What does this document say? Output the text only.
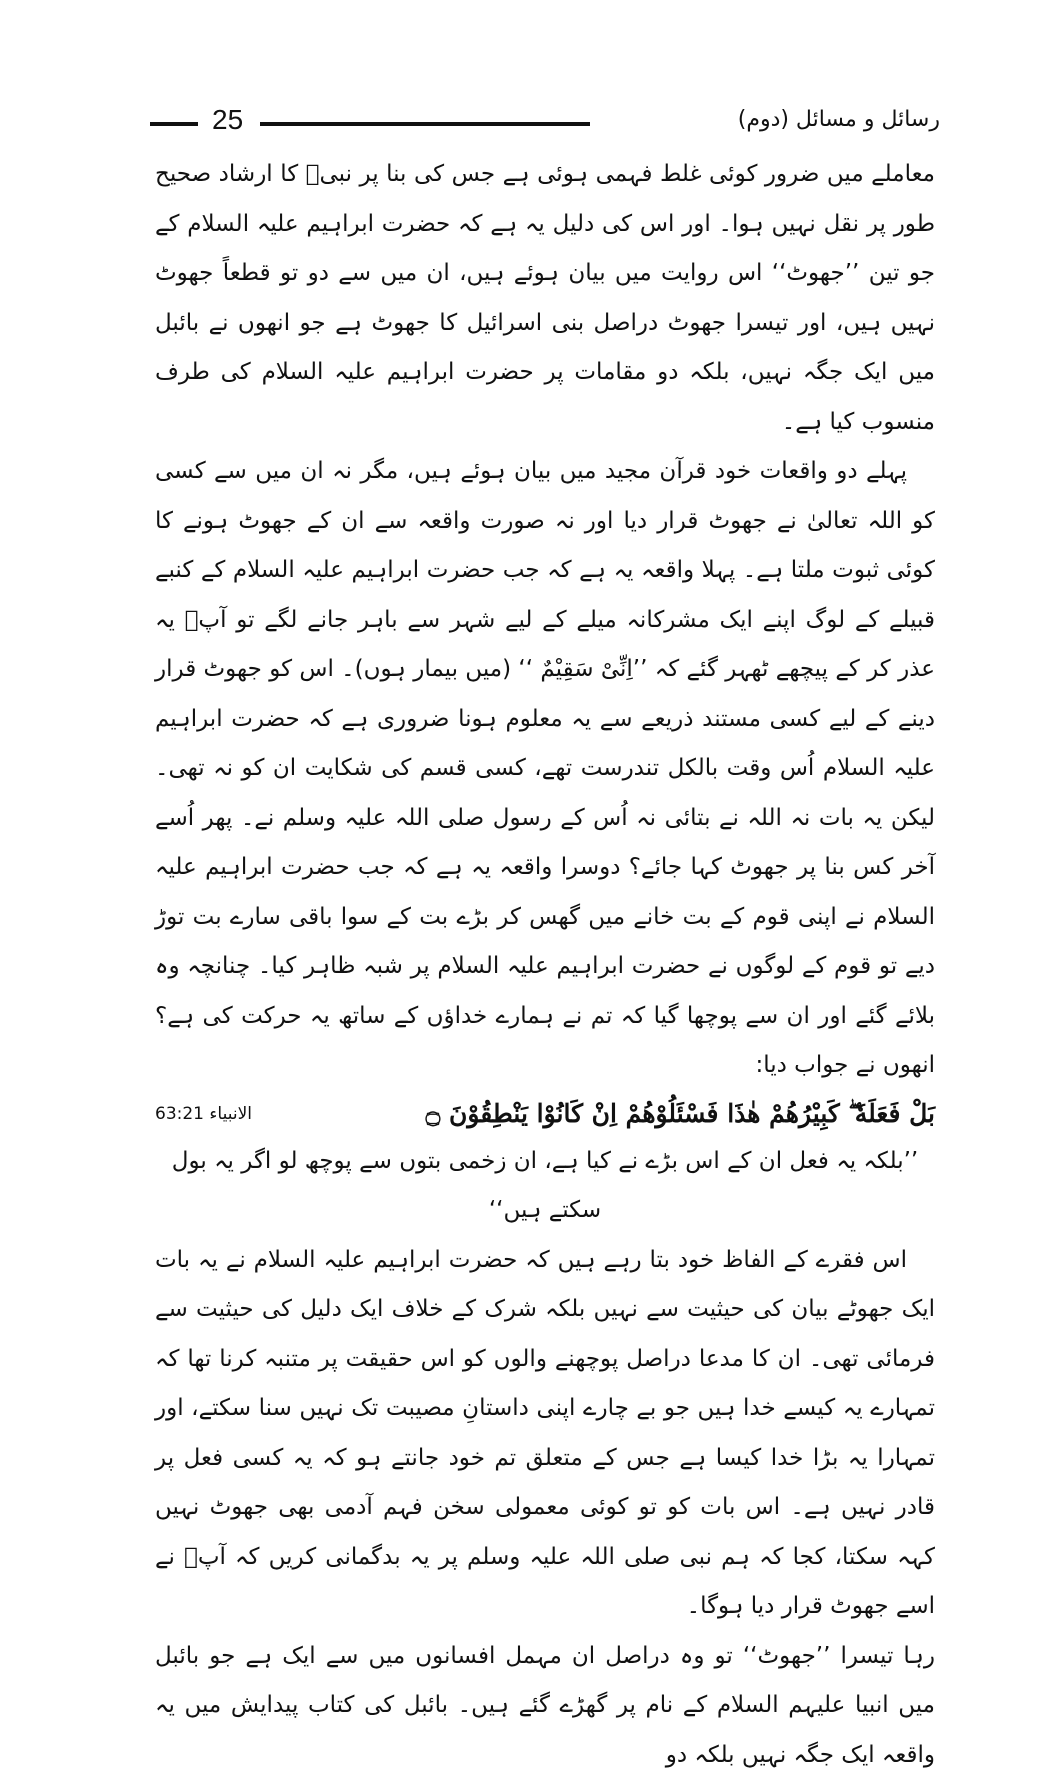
25	رسائل و مسائل (دوم)

معاملے میں ضرور کوئی غلط فہمی ہوئی ہے جس کی بنا پر نبیؐ کا ارشاد صحیح طور پر نقل نہیں ہوا۔ اور اس کی دلیل یہ ہے کہ حضرت ابراہیم علیہ السلام کے جو تین ’’جھوٹ‘‘ اس روایت میں بیان ہوئے ہیں، ان میں سے دو تو قطعاً جھوٹ نہیں ہیں، اور تیسرا جھوٹ دراصل بنی اسرائیل کا جھوٹ ہے جو انھوں نے بائبل میں ایک جگہ نہیں، بلکہ دو مقامات پر حضرت ابراہیم علیہ السلام کی طرف منسوب کیا ہے۔

پہلے دو واقعات خود قرآن مجید میں بیان ہوئے ہیں، مگر نہ ان میں سے کسی کو اللہ تعالیٰ نے جھوٹ قرار دیا اور نہ صورت واقعہ سے ان کے جھوٹ ہونے کا کوئی ثبوت ملتا ہے۔ پہلا واقعہ یہ ہے کہ جب حضرت ابراہیم علیہ السلام کے کنبے قبیلے کے لوگ اپنے ایک مشرکانہ میلے کے لیے شہر سے باہر جانے لگے تو آپؑ یہ عذر کر کے پیچھے ٹھہر گئے کہ ’’اِنِّیْ سَقِیْمٌ ‘‘ (میں بیمار ہوں)۔ اس کو جھوٹ قرار دینے کے لیے کسی مستند ذریعے سے یہ معلوم ہونا ضروری ہے کہ حضرت ابراہیم علیہ السلام اُس وقت بالکل تندرست تھے، کسی قسم کی شکایت ان کو نہ تھی۔ لیکن یہ بات نہ اللہ نے بتائی نہ اُس کے رسول صلی اللہ علیہ وسلم نے۔ پھر اُسے آخر کس بنا پر جھوٹ کہا جائے؟ دوسرا واقعہ یہ ہے کہ جب حضرت ابراہیم علیہ السلام نے اپنی قوم کے بت خانے میں گھس کر بڑے بت کے سوا باقی سارے بت توڑ دیے تو قوم کے لوگوں نے حضرت ابراہیم علیہ السلام پر شبہ ظاہر کیا۔ چنانچہ وہ بلائے گئے اور ان سے پوچھا گیا کہ تم نے ہمارے خداؤں کے ساتھ یہ حرکت کی ہے؟ انھوں نے جواب دیا:

بَلْ فَعَلَهٗ ۖ كَبِيْرُهُمْ هٰذَا فَسْئَلُوْهُمْ اِنْ كَانُوْا يَنْطِقُوْنَ ۝
الانبیاء 63:21

’’بلکہ یہ فعل ان کے اس بڑے نے کیا ہے، ان زخمی بتوں سے پوچھ لو اگر یہ بول سکتے ہیں‘‘

اس فقرے کے الفاظ خود بتا رہے ہیں کہ حضرت ابراہیم علیہ السلام نے یہ بات ایک جھوٹے بیان کی حیثیت سے نہیں بلکہ شرک کے خلاف ایک دلیل کی حیثیت سے فرمائی تھی۔ ان کا مدعا دراصل پوچھنے والوں کو اس حقیقت پر متنبہ کرنا تھا کہ تمہارے یہ کیسے خدا ہیں جو بے چارے اپنی داستانِ مصیبت تک نہیں سنا سکتے، اور تمہارا یہ بڑا خدا کیسا ہے جس کے متعلق تم خود جانتے ہو کہ یہ کسی فعل پر قادر نہیں ہے۔ اس بات کو تو کوئی معمولی سخن فہم آدمی بھی جھوٹ نہیں کہہ سکتا، کجا کہ ہم نبی صلی اللہ علیہ وسلم پر یہ بدگمانی کریں کہ آپؐ نے اسے جھوٹ قرار دیا ہوگا۔

رہا تیسرا ’’جھوٹ‘‘ تو وہ دراصل ان مہمل افسانوں میں سے ایک ہے جو بائبل میں انبیا علیہم السلام کے نام پر گھڑے گئے ہیں۔ بائبل کی کتاب پیدایش میں یہ واقعہ ایک جگہ نہیں بلکہ دو
